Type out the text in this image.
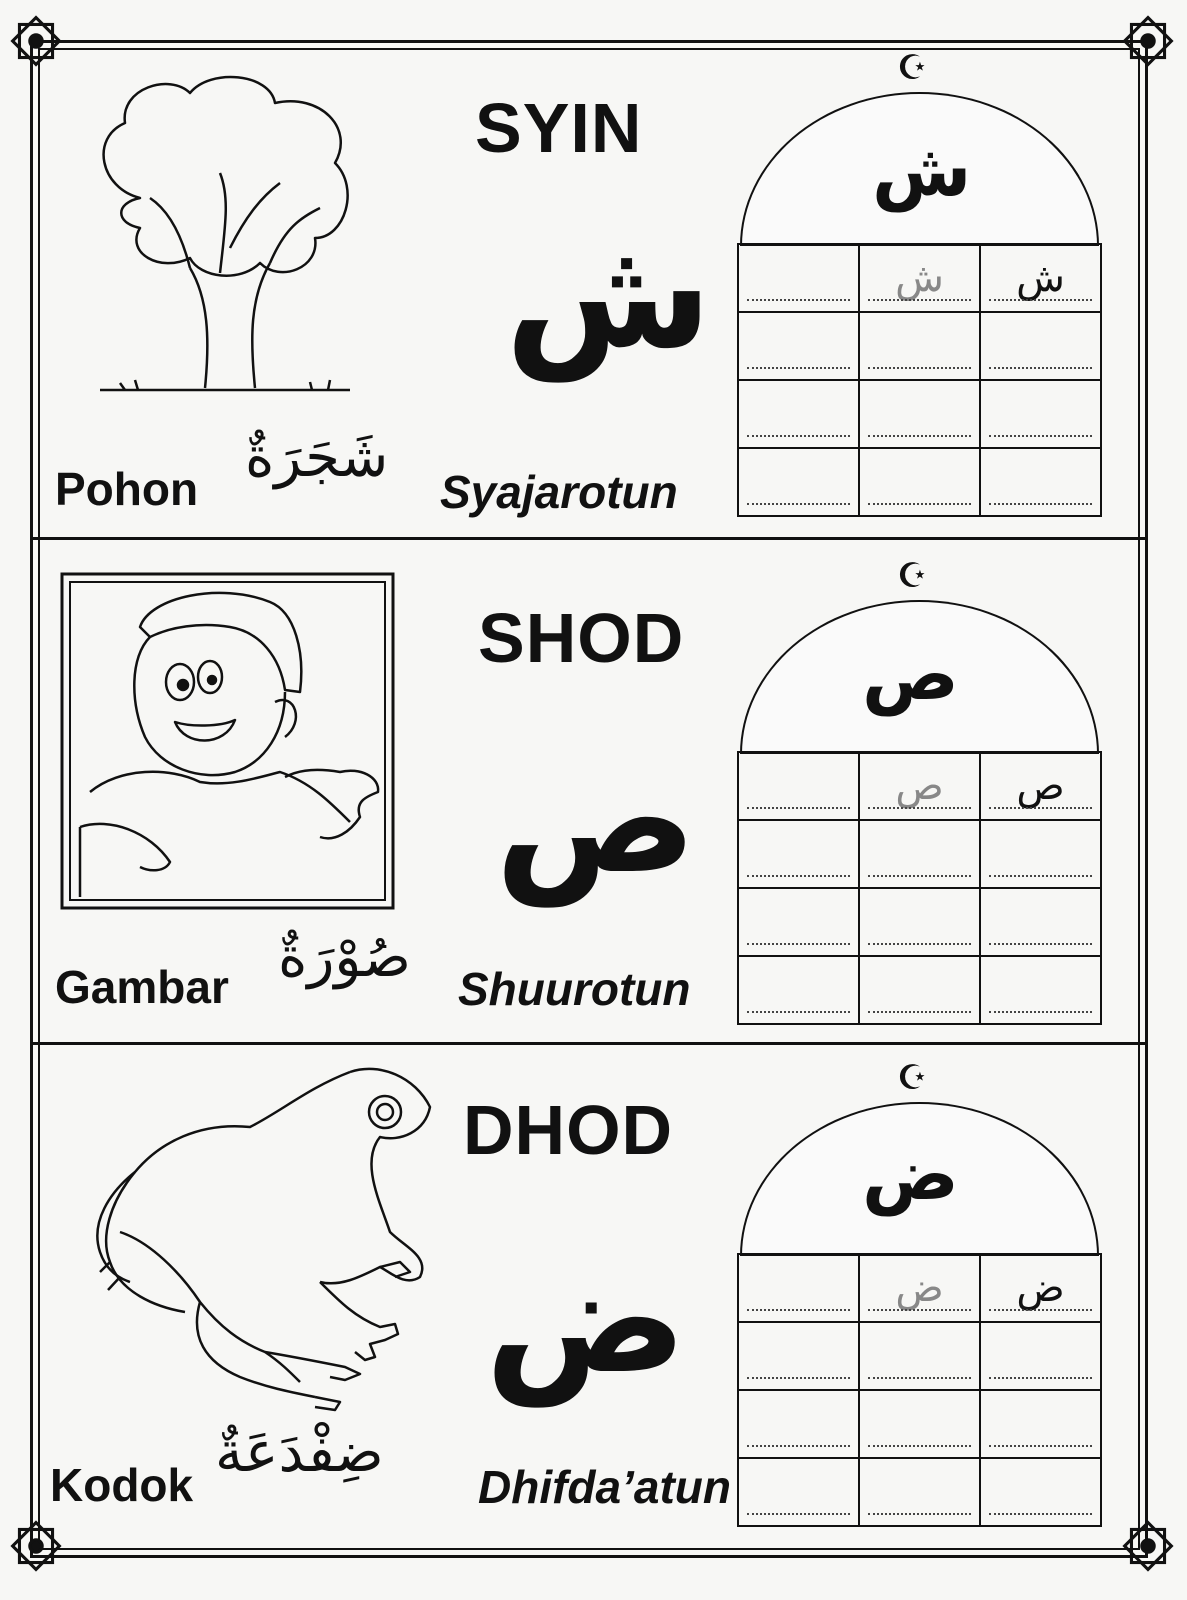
SYIN
ش
☪
ش
	ش	ش

Pohon شَجَرَةٌ
Syajarotun
SHOD
ص
☪
ص
	ص	ص

Gambar صُوْرَةٌ Shuurotun
DHOD
ض
☪
ض
	ض	ض

Kodok ضِفْدَعَةٌ
Dhifda’atun
